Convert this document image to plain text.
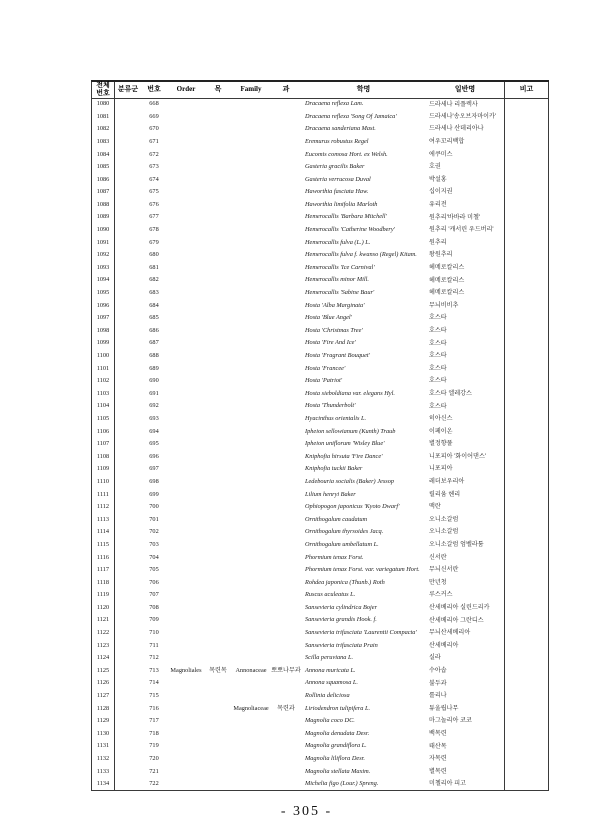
전체 번호	분류군	번호	Order	목	Family	과	학명	일반명	비고
1080		668					Dracaena reflexa Lam.	드라세나 리플렉사	
1081		669					Dracaena reflexa 'Song Of Jamaica'	드라세나'송오브자마이카'	
1082		670					Dracaena sanderiana Mast.	드라세나 산데리아나	
1083		671					Eremurus robustus Regel	여우꼬리백합	
1084		672					Eucomis comosa Hort. ex Welsh.	에쿠미스	
1085		673					Gasteria gracilis Baker	호권	
1086		674					Gasteria verrucosa Duval	박설홍	
1087		675					Haworthia fasciata Haw.	십이지권	
1088		676					Haworthia limifolia Marloth	유리전	
1089		677					Hemerocallis 'Barbara Mitchell'	원추리'바바라 미첼'	
1090		678					Hemerocallis 'Catherine Woodbery'	원추리 '캐서린 우드버리'	
1091		679					Hemerocallis fulva (L.) L.	원추리	
1092		680					Hemerocallis fulva f. kwanso (Regel) Kitam.	왕원추리	
1093		681					Hemerocallis 'Ice Carnival'	헤메로칼리스	
1094		682					Hemerocallis minor Mill.	헤메로칼리스	
1095		683					Hemerocallis 'Sabine Baur'	헤메로칼리스	
1096		684					Hosta 'Alba Marginata'	무늬비비추	
1097		685					Hosta 'Blue Angel'	호스타	
1098		686					Hosta 'Christmas Tree'	호스타	
1099		687					Hosta 'Fire And Ice'	호스타	
1100		688					Hosta 'Fragrant Bouquet'	호스타	
1101		689					Hosta 'Francee'	호스타	
1102		690					Hosta 'Patriot'	호스타	
1103		691					Hosta sieboldiana var. elegans Hyl.	호스타 엘레강스	
1104		692					Hosta 'Thunderbolt'	호스타	
1105		693					Hyacinthus orientalis L.	히아신스	
1106		694					Ipheion sellowianum (Kunth) Traub	이페이온	
1107		695					Ipheion uniflorum 'Wisley Blue'	별정향풀	
1108		696					Kniphofia hirsuta 'Fire Dance'	니포피아 '화이어댄스'	
1109		697					Kniphofia tuckii Baker	니포피아	
1110		698					Ledebouria socialis (Baker) Jessop	레더보우리아	
1111		699					Lilium henryi Baker	릴리움 헨리	
1112		700					Ophiopogon japonicus 'Kyoto Dwarf'	맥란	
1113		701					Ornithogalum caudatum	오니소갈럼	
1114		702					Ornithogalum thyrsoides Jacq.	오니소갈럼	
1115		703					Ornithogalum umbellatum L.	오니소갈럼 엄벨라툼	
1116		704					Phormium tenax Forst.	신서란	
1117		705					Phormium tenax Forst. var. variegatum Hort.	무늬신서란	
1118		706					Rohdea japonica (Thunb.) Roth	만년청	
1119		707					Ruscus aculeatus L.	루스커스	
1120		708					Sansevieria cylindrica Bojer	산세베리아 실린드리카	
1121		709					Sansevieria grandis Hook. f.	산세베리아 그란디스	
1122		710					Sansevieria trifasciata 'Laurentii Compacta'	무늬산세베리아	
1123		711					Sansevieria trifasciata Prain	산세베리아	
1124		712					Scilla peruviana L.	실라	
1125		713	Magnoliales	목련목	Annonaceae	뽀뽀나무과	Annona muricata L.	수아솝	
1126		714					Annona squamosa L.	불두과	
1127		715					Rollinia deliciosa	롤리나	
1128		716			Magnoliaceae	목련과	Liriodendron tulipifera L.	튜울립나무	
1129		717					Magnolia coco DC.	마그놀리아 코코	
1130		718					Magnolia denudata Desr.	백목련	
1131		719					Magnolia grandiflora L.	태산목	
1132		720					Magnolia liliflora Desr.	자목련	
1133		721					Magnolia stellata Maxim.	별목련	
1134		722					Michelia figo (Lour.) Spreng.	미첼리아 피고	
- 305 -
